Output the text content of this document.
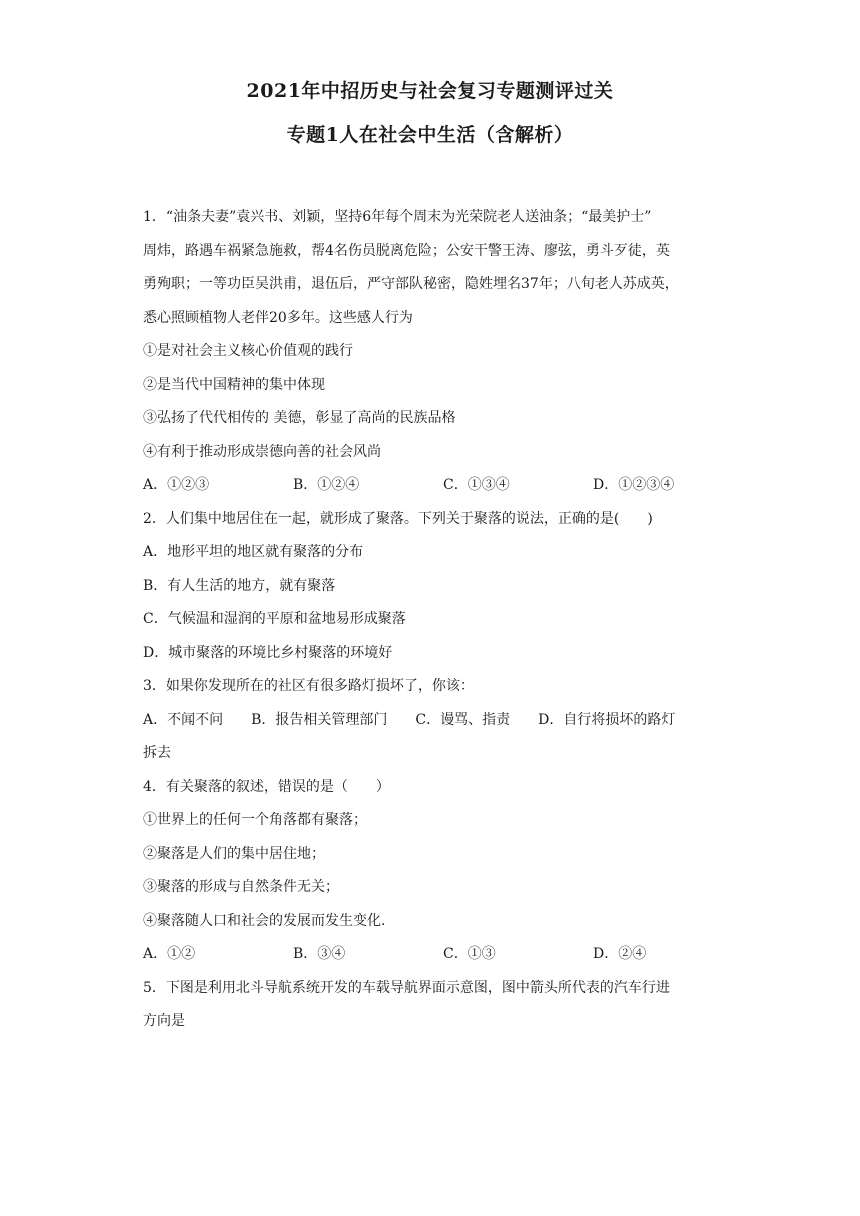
2021年中招历史与社会复习专题测评过关
专题1人在社会中生活（含解析）

1．“油条夫妻”袁兴书、刘颖，坚持6年每个周末为光荣院老人送油条；“最美护士”

周炜，路遇车祸紧急施救，帮4名伤员脱离危险；公安干警王涛、廖弦，勇斗歹徒，英

勇殉职；一等功臣吴洪甫，退伍后，严守部队秘密，隐姓埋名37年；八旬老人苏成英，

悉心照顾植物人老伴20多年。这些感人行为

①是对社会主义核心价值观的践行

②是当代中国精神的集中体现

③弘扬了代代相传的 美德，彰显了高尚的民族品格

④有利于推动形成崇德向善的社会风尚

A．①②③	B．①②④	C．①③④	D．①②③④

2．人们集中地居住在一起，就形成了聚落。下列关于聚落的说法，正确的是(　　)

A．地形平坦的地区就有聚落的分布

B．有人生活的地方，就有聚落

C．气候温和湿润的平原和盆地易形成聚落

D．城市聚落的环境比乡村聚落的环境好

3．如果你发现所在的社区有很多路灯损坏了，你该：

A．不闻不问 B．报告相关管理部门 C．谩骂、指责 D．自行将损坏的路灯

拆去

4．有关聚落的叙述，错误的是（　　）

①世界上的任何一个角落都有聚落；

②聚落是人们的集中居住地；

③聚落的形成与自然条件无关；

④聚落随人口和社会的发展而发生变化.

A．①②	B．③④	C．①③	D．②④

5．下图是利用北斗导航系统开发的车载导航界面示意图，图中箭头所代表的汽车行进

方向是
